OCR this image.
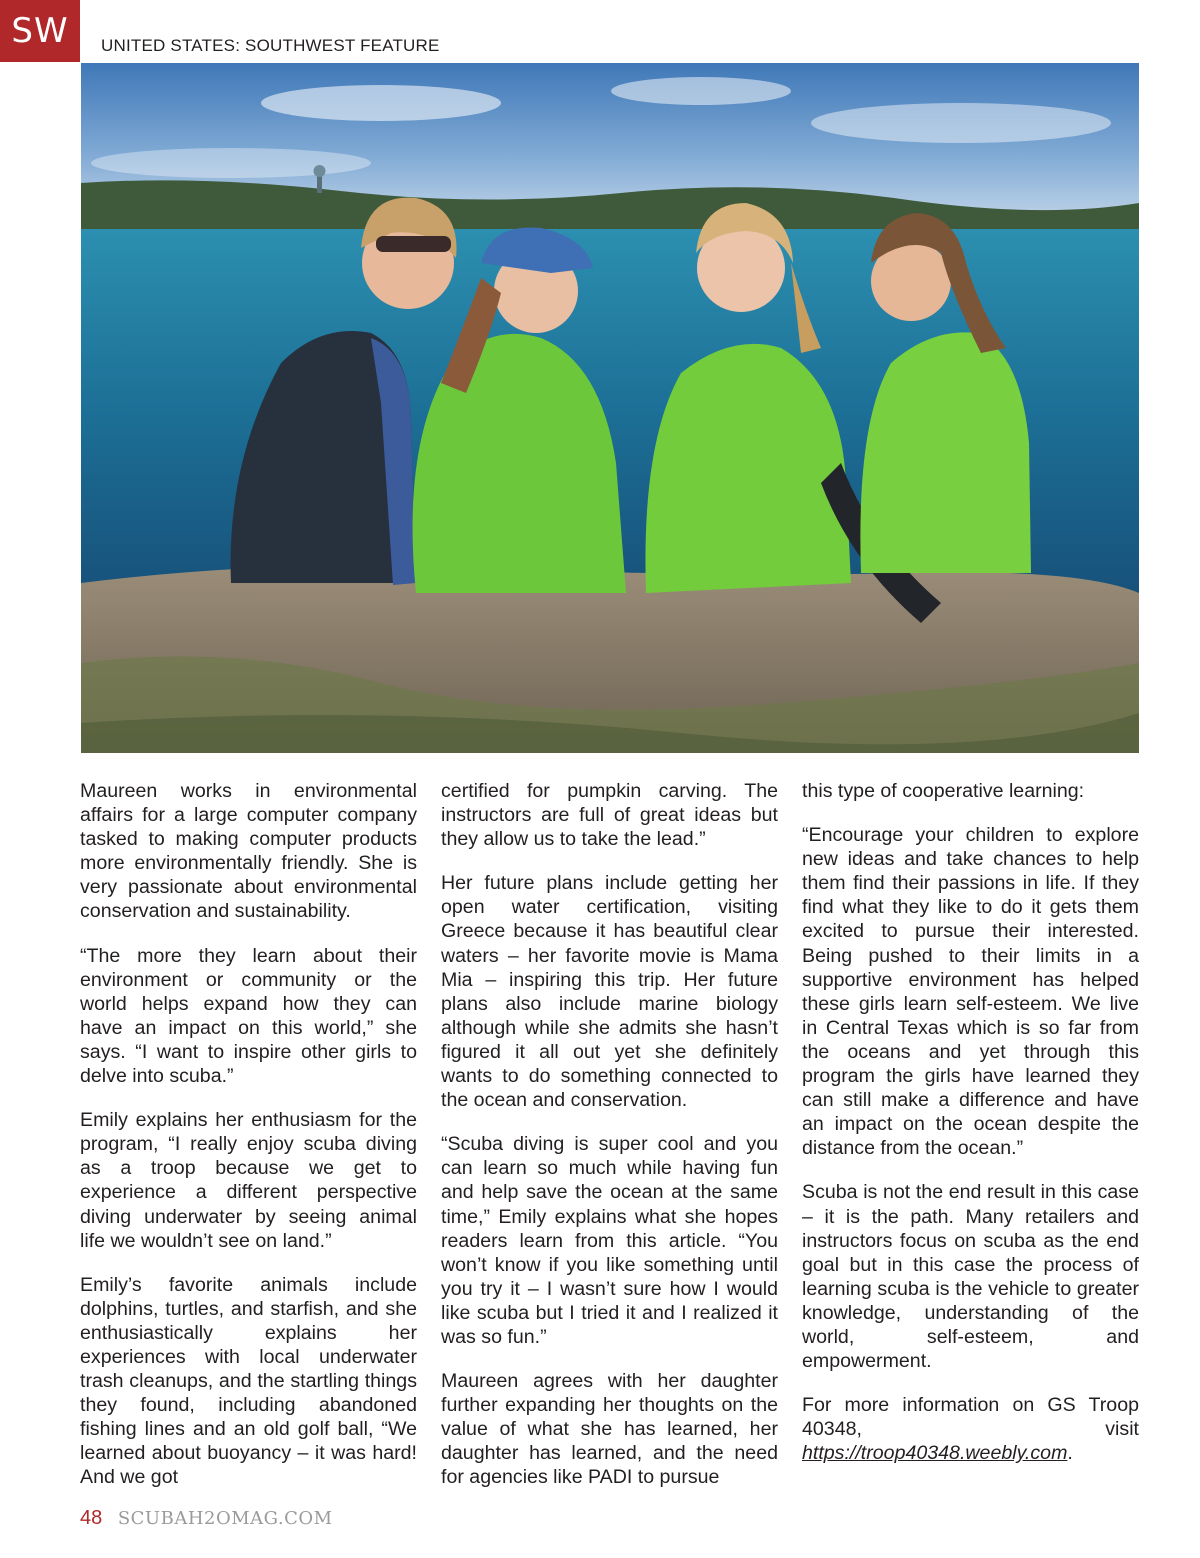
SW	UNITED STATES: SOUTHWEST FEATURE

Maureen works in environmental affairs for a large computer company tasked to making computer products more environmentally friendly. She is very passionate about environmental conservation and sustainability.

“The more they learn about their environment or community or the world helps expand how they can have an impact on this world,” she says. “I want to inspire other girls to delve into scuba.”

Emily explains her enthusiasm for the program, “I really enjoy scuba diving as a troop because we get to experience a different perspective diving underwater by seeing animal life we wouldn’t see on land.”

Emily’s favorite animals include dolphins, turtles, and starfish, and she enthusiastically explains her experiences with local underwater trash cleanups, and the startling things they found, including abandoned fishing lines and an old golf ball, “We learned about buoyancy – it was hard! And we got

certified for pumpkin carving. The instructors are full of great ideas but they allow us to take the lead.”

Her future plans include getting her open water certification, visiting Greece because it has beautiful clear waters – her favorite movie is Mama Mia – inspiring this trip. Her future plans also include marine biology although while she admits she hasn’t figured it all out yet she definitely wants to do something connected to the ocean and conservation.

“Scuba diving is super cool and you can learn so much while having fun and help save the ocean at the same time,” Emily explains what she hopes readers learn from this article. “You won’t know if you like something until you try it – I wasn’t sure how I would like scuba but I tried it and I realized it was so fun.”

Maureen agrees with her daughter further expanding her thoughts on the value of what she has learned, her daughter has learned, and the need for agencies like PADI to pursue

this type of cooperative learning:

“Encourage your children to explore new ideas and take chances to help them find their passions in life. If they find what they like to do it gets them excited to pursue their interested. Being pushed to their limits in a supportive environment has helped these girls learn self-esteem. We live in Central Texas which is so far from the oceans and yet through this program the girls have learned they can still make a difference and have an impact on the ocean despite the distance from the ocean.”

Scuba is not the end result in this case – it is the path. Many retailers and instructors focus on scuba as the end goal but in this case the process of learning scuba is the vehicle to greater knowledge, understanding of the world, self-esteem, and empowerment.

For more information on GS Troop 40348, visit https://troop40348.weebly.com.

48 SCUBAH2OMAG.COM
